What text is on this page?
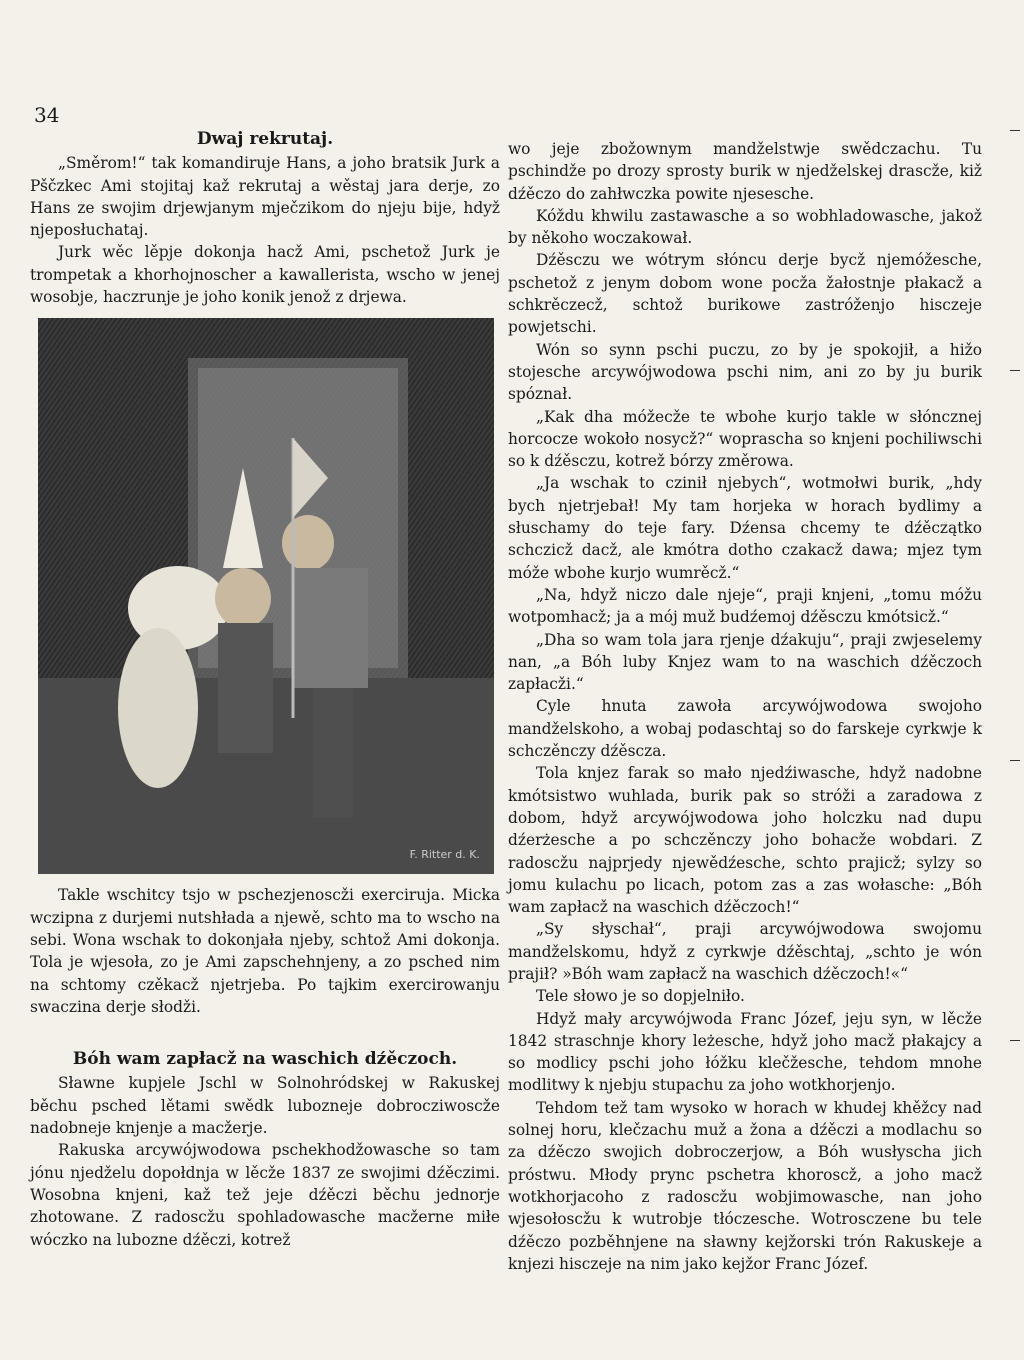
34
Dwaj rekrutaj.

„Směrom!“ tak komandiruje Hans, a joho bratsik Jurk a Pščzkec Ami stojitaj kaž rekrutaj a wěstaj jara derje, zo Hans ze swojim drjewjanym mječzikom do njeju bije, hdyž njeposłuchataj.

Jurk wěc lěpje dokonja hacž Ami, pschetož Jurk je trompetak a khorhojnoscher a kawallerista, wscho w jenej wosobje, haczrunje je joho konik jenož z drjewa.

F. Ritter d. K.

Takle wschitcy tsjo w pschezjenoscži exercirujа. Micka wczipna z durjemi nutshłada a njewě, schto ma to wscho na sebi. Wona wschak to dokonjała njeby, schtož Ami dokonja. Tola je wjesoła, zo je Ami zapschehnjeny, a zo psched nim na schtomy czěkacž njetrjeba. Po tajkim exercirowanju swaczina derje słodži.

Bóh wam zapłacž na waschich dźěczoch.

Sławne kupjele Jschl w Solnohródskej w Rakuskej běchu psched lětami swědk lubozneje dobroczіwoscže nadobneje knjenje a macžerje.

Rakuska arcywójwodowa pschekhodžowasche so tam jónu njedželu dopołdnja w lěcže 1837 ze swojimi dźěczimi. Wosobna knjeni, kaž tež jeje dźěczi běchu jednorje zhotowane. Z radoscžu spohladowasche macžerne miłe wóczko na luboznе dźěczi, kotrež

wo jeje zbožownym mandželstwje swědczachu. Tu pschindže po drozy sprosty burik w njedželskej drascže, kiž dźěczo do zahłwczka powite njesesche.

Kóždu khwilu zastawasche a so wobhladowasche, jakož by někoho woczakował.

Dźěsczu we wótrym słóncu derje bycž njemóžesche, pschetož z jenym dobom wone pocža žałostnje płakacž a schkrěczecž, schtož burikowe zastróženjo hisczeje powjetschi.

Wón so synn pschi puczu, zo by je spokojił, a hižo stojesche arcywójwodowa pschi nim, ani zo by ju burik spóznał.

„Kak dha móžecže te wbohe kurjo takle w słóncznej horcoczе wokoło nosycž?“ woprascha so knjeni pochilіwschi so k dźěsczu, kotrež bórzy změrowa.

„Ja wschak to czinił njebych“, wotmołwi burik, „hdy bych njetrjebał! My tam horjeka w horach bydlimy a słuschamy do teje fary. Dźensa chcemy te dźěczątko schczicž dacž, ale kmótra dotho czakacž dawa; mjez tym móže wbohe kurjo wumrěcž.“

„Na, hdyž niczo dale njeje“, praji knjeni, „tomu móžu wotpomhacž; ja a mój muž budźemoj dźěsczu kmótsicž.“

„Dha so wam tola jara rjenje dźakuju“, praji zwjeselemy nan, „a Bóh luby Knjez wam to na waschich dźěczoch zapłacži.“

Cyle hnuta zawoła arcywójwodowa swojoho mandželskoho, a wobaj podaschtaj so do farskeje cyrkwje k schczěnczy dźěsczа.

Tola knjez farak so mało njedźiwasche, hdyž nadobne kmótsistwo wuhlada, burik pak so stróži a zaradowa z dobom, hdyž arcywójwodowa joho holczku nad dupu dźerżesche a po schczěnczy joho bohacže wobdari. Z radoscžu najprjedy njewědźesche, schto prajicž; sylzy so jomu kulachu po licach, potom zas a zas wołasche: „Bóh wam zapłacž na waschich dźěczoch!“

„Sy słyschał“, praji arcywójwodowa swojomu mandželskomu, hdyž z cyrkwje dźěschtaj, „schto je wón prajił? »Bóh wam zapłacž na waschich dźěczoch!«“

Tele słowo je so dopjelniło.

Hdyž mały arcywójwoda Franc Józef, jeju syn, w lěcže 1842 straschnje khory leżesche, hdyž joho macž płakajcy a so modlicy pschi joho łóžku klečžesche, tehdom mnohe modlitwy k njebju stupachu za joho wotkhorjenjo.

Tehdom tež tam wysoko w horach w khudej khěžcy nad solnej horu, klečzachu muž a žona a dźěczi a modlachu so za dźěczo swojich dobroczerjow, a Bóh wusłyscha jich próstwu. Młody prync pschetra khoroscž, a joho macž wotkhorjacoho z radoscžu wobjimowasche, nan joho wjesołoscžu k wutrobje tłóczesche. Wotrosczene bu tele dźěczo pozběhnjene na sławny kejžorski trón Rakuskeje a knjezi hisczeje na nim jako kejžor Franc Józef.
